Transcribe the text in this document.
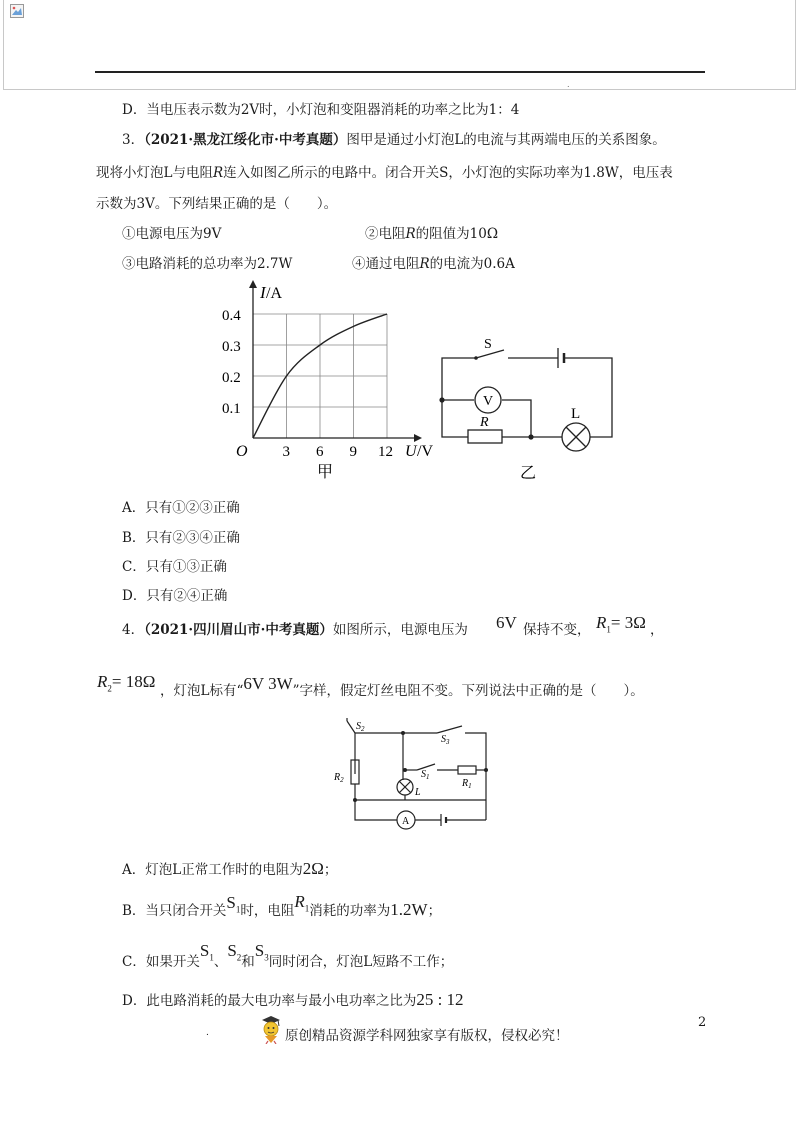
.
D．当电压表示数为2V时，小灯泡和变阻器消耗的功率之比为1：4
3．（2021·黑龙江绥化市·中考真题）图甲是通过小灯泡L的电流与其两端电压的关系图象。
现将小灯泡L与电阻R连入如图乙所示的电路中。闭合开关S，小灯泡的实际功率为1.8W，电压表
示数为3V。下列结果正确的是（　　）。
①电源电压为9V	②电阻R的阻值为10Ω
③电路消耗的总功率为2.7W	④通过电阻R的电流为0.6A
0.4
0.3
0.2
0.1
3 6 9 12
I /A
O	U /V
甲
S
V
R
L
乙
A．只有①②③正确
B．只有②③④正确
C．只有①③正确
D．只有②④正确
4．（2021·四川眉山市·中考真题）如图所示，电源电压为 6V 保持不变， $R_1= 3\Omega$ ，
$R_2= 18\Omega$ ，灯泡L标有“6V 3W”字样，假定灯丝电阻不变。下列说法中正确的是（　　）。
$S_2$
$S_3$
$S_1$
$R_2$	$R_1$
L
A
A．灯泡L正常工作时的电阻为2Ω；
B．当只闭合开关$S_1$时，电阻$R_1$消耗的功率为1.2W；
C．如果开关$S_1$、$S_2$和$S_3$同时闭合，灯泡L短路不工作；
D．此电路消耗的最大电功率与最小电功率之比为25 : 12
2
.	原创精品资源学科网独家享有版权，侵权必究！
